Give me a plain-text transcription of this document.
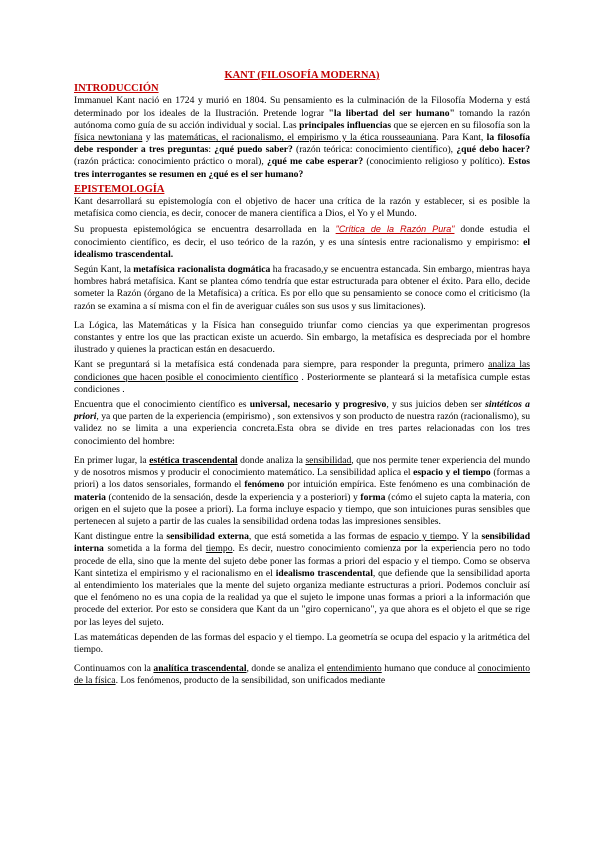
KANT (FILOSOFÍA MODERNA)
INTRODUCCIÓN

Immanuel Kant nació en 1724 y murió en 1804. Su pensamiento es la culminación de la Filosofía Moderna y está determinado por los ideales de la Ilustración. Pretende lograr "la libertad del ser humano" tomando la razón autónoma como guía de su acción individual y social. Las principales influencias que se ejercen en su filosofía son la física newtoniana y las matemáticas, el racionalismo, el empirismo y la ética rousseauniana. Para Kant, la filosofía debe responder a tres preguntas: ¿qué puedo saber? (razón teórica: conocimiento científico), ¿qué debo hacer? (razón práctica: conocimiento práctico o moral), ¿qué me cabe esperar? (conocimiento religioso y político). Estos tres interrogantes se resumen en ¿qué es el ser humano?

EPISTEMOLOGÍA

Kant desarrollará su epistemología con el objetivo de hacer una crítica de la razón y establecer, si es posible la metafísica como ciencia, es decir, conocer de manera científica a Dios, el Yo y el Mundo.

Su propuesta epistemológica se encuentra desarrollada en la "Crítica de la Razón Pura" donde estudia el conocimiento científico, es decir, el uso teórico de la razón, y es una síntesis entre racionalismo y empirismo: el idealismo trascendental.

Según Kant, la metafísica racionalista dogmática ha fracasado,y se encuentra estancada. Sin embargo, mientras haya hombres habrá metafísica. Kant se plantea cómo tendría que estar estructurada para obtener el éxito. Para ello, decide someter la Razón (órgano de la Metafísica) a crítica. Es por ello que su pensamiento se conoce como el criticismo (la razón se examina a sí misma con el fin de averiguar cuáles son sus usos y sus limitaciones).

La Lógica, las Matemáticas y la Física han conseguido triunfar como ciencias ya que experimentan progresos constantes y entre los que las practican existe un acuerdo. Sin embargo, la metafísica es despreciada por el hombre ilustrado y quienes la practican están en desacuerdo.

Kant se preguntará si la metafísica está condenada para siempre, para responder la pregunta, primero analiza las condiciones que hacen posible el conocimiento científico . Posteriormente se planteará si la metafísica cumple estas condiciones .

Encuentra que el conocimiento científico es universal, necesario y progresivo, y sus juicios deben ser sintéticos a priori, ya que parten de la experiencia (empirismo) , son extensivos y son producto de nuestra razón (racionalismo), su validez no se limita a una experiencia concreta.Esta obra se divide en tres partes relacionadas con los tres conocimiento del hombre:

En primer lugar, la estética trascendental donde analiza la sensibilidad, que nos permite tener experiencia del mundo y de nosotros mismos y producir el conocimiento matemático. La sensibilidad aplica el espacio y el tiempo (formas a priori) a los datos sensoriales, formando el fenómeno por intuición empírica. Este fenómeno es una combinación de materia (contenido de la sensación, desde la experiencia y a posteriori) y forma (cómo el sujeto capta la materia, con origen en el sujeto que la posee a priori). La forma incluye espacio y tiempo, que son intuiciones puras sensibles que pertenecen al sujeto a partir de las cuales la sensibilidad ordena todas las impresiones sensibles.

Kant distingue entre la sensibilidad externa, que está sometida a las formas de espacio y tiempo. Y la sensibilidad interna sometida a la forma del tiempo. Es decir, nuestro conocimiento comienza por la experiencia pero no todo procede de ella, sino que la mente del sujeto debe poner las formas a priori del espacio y el tiempo. Como se observa Kant sintetiza el empirismo y el racionalismo en el idealismo trascendental, que defiende que la sensibilidad aporta al entendimiento los materiales que la mente del sujeto organiza mediante estructuras a priori. Podemos concluir así que el fenómeno no es una copia de la realidad ya que el sujeto le impone unas formas a priori a la información que procede del exterior. Por esto se considera que Kant da un "giro copernicano", ya que ahora es el objeto el que se rige por las leyes del sujeto.

Las matemáticas dependen de las formas del espacio y el tiempo. La geometría se ocupa del espacio y la aritmética del tiempo.

Continuamos con la analítica trascendental, donde se analiza el entendimiento humano que conduce al conocimiento de la física. Los fenómenos, producto de la sensibilidad, son unificados mediante
